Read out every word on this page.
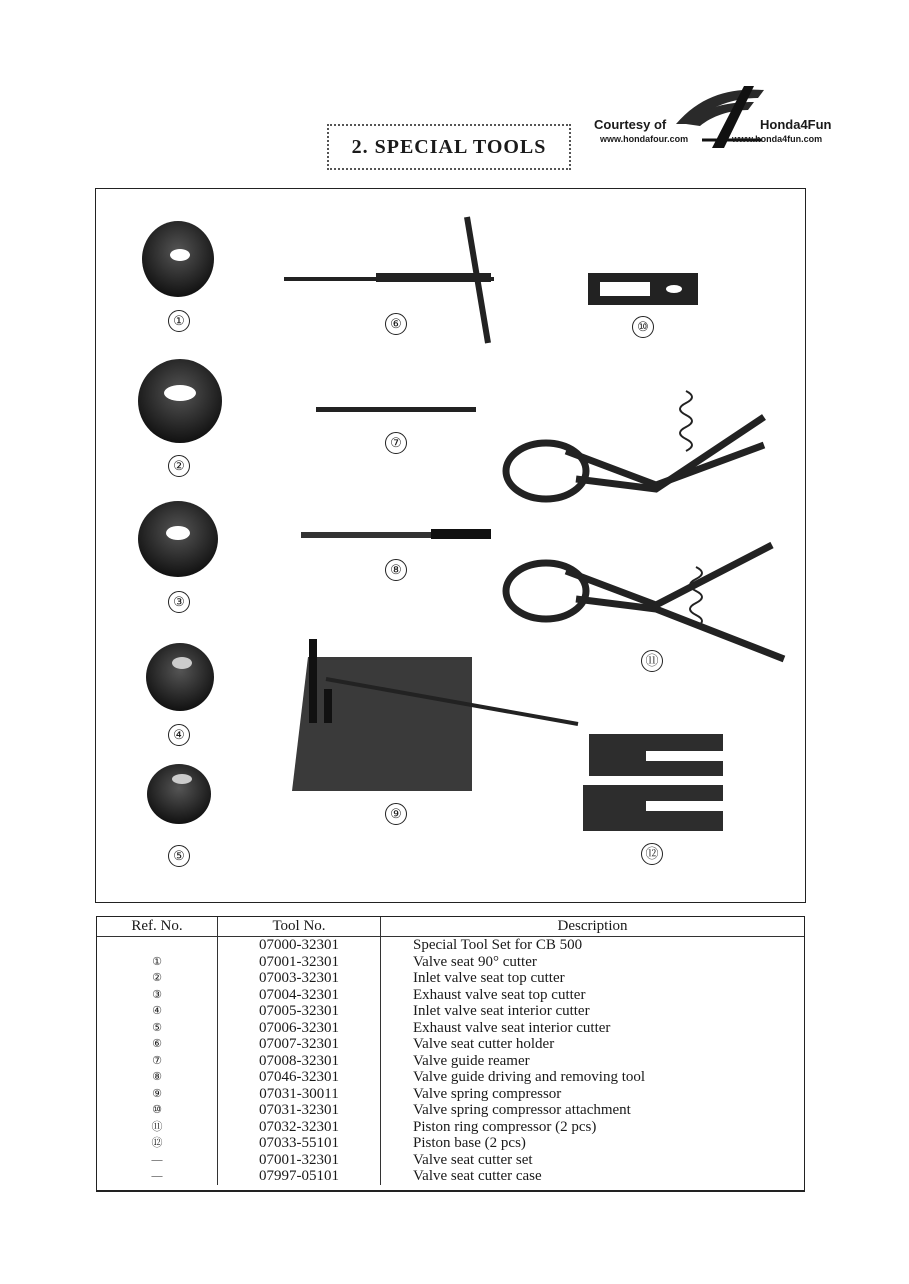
2. SPECIAL TOOLS
Courtesy of
www.hondafour.com
Honda4Fun
www.honda4fun.com
①
②
③
④
⑤
⑥
⑦
⑧
⑨
⑩
⑪
⑫
Ref. No.	Tool No.	Description
	07000-32301	Special Tool Set for CB 500
①	07001-32301	Valve seat 90° cutter
②	07003-32301	Inlet valve seat top cutter
③	07004-32301	Exhaust valve seat top cutter
④	07005-32301	Inlet valve seat interior cutter
⑤	07006-32301	Exhaust valve seat interior cutter
⑥	07007-32301	Valve seat cutter holder
⑦	07008-32301	Valve guide reamer
⑧	07046-32301	Valve guide driving and removing tool
⑨	07031-30011	Valve spring compressor
⑩	07031-32301	Valve spring compressor attachment
⑪	07032-32301	Piston ring compressor (2 pcs)
⑫	07033-55101	Piston base (2 pcs)
—	07001-32301	Valve seat cutter set
—	07997-05101	Valve seat cutter case
